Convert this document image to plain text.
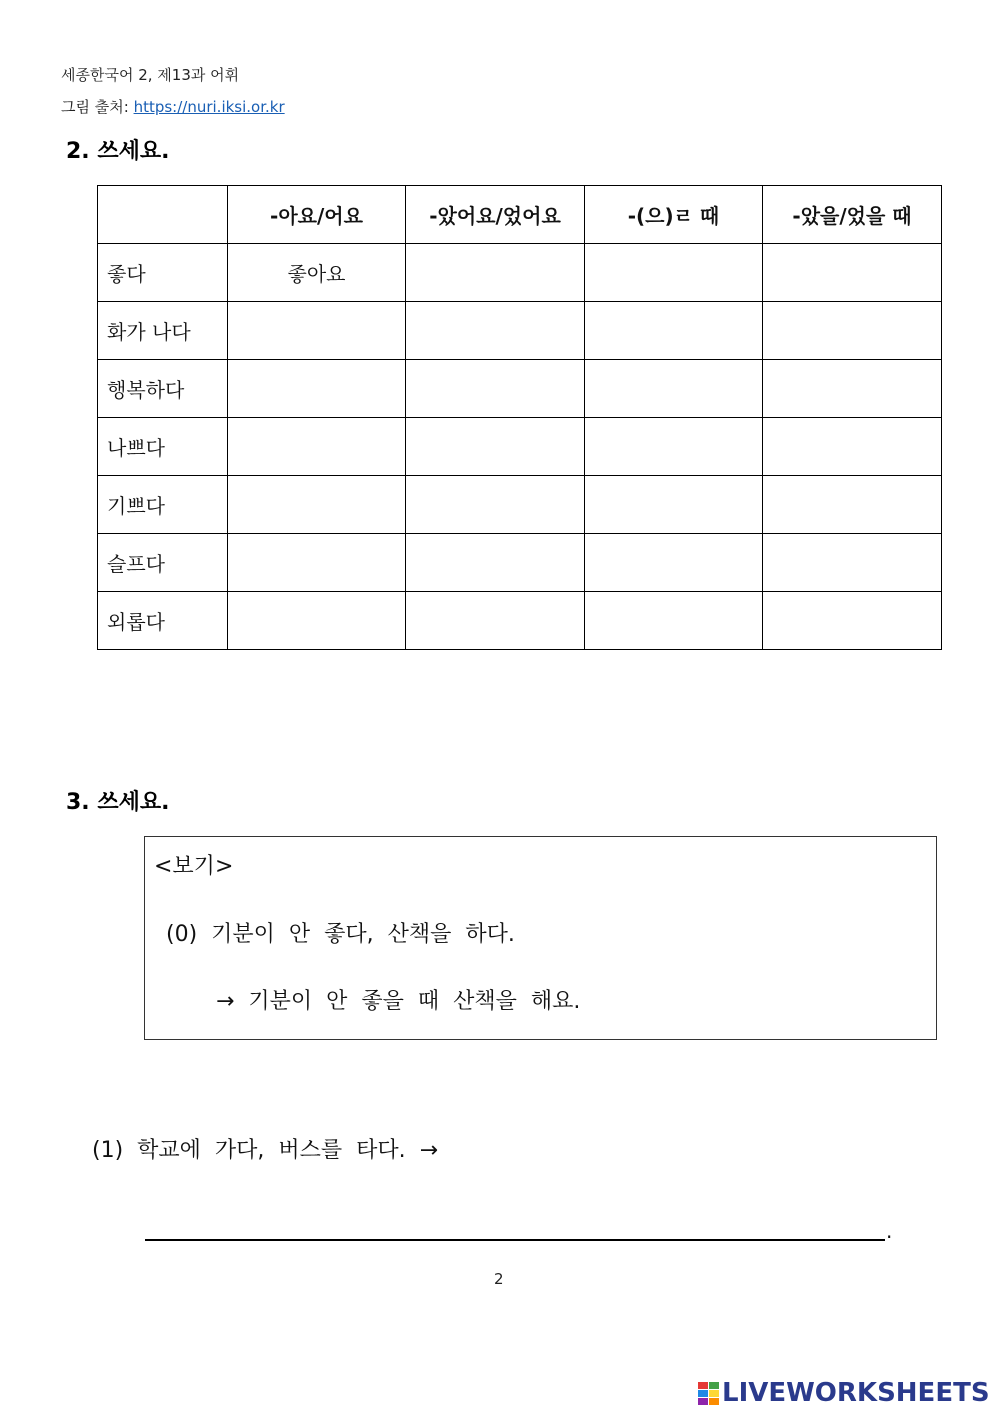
세종한국어 2, 제13과 어휘
그림 출처: https://nuri.iksi.or.kr
2. 쓰세요.
	-아요/어요	-았어요/었어요	-(으)ㄹ 때	-았을/었을 때
좋다	좋아요			
화가 나다				
행복하다				
나쁘다				
기쁘다				
슬프다				
외롭다				
3. 쓰세요.
<보기>
(0)  기분이  안  좋다,  산책을  하다.
→  기분이  안  좋을  때  산책을  해요.
(1)  학교에  가다,  버스를  타다.  →
.
2
LIVEWORKSHEETS
